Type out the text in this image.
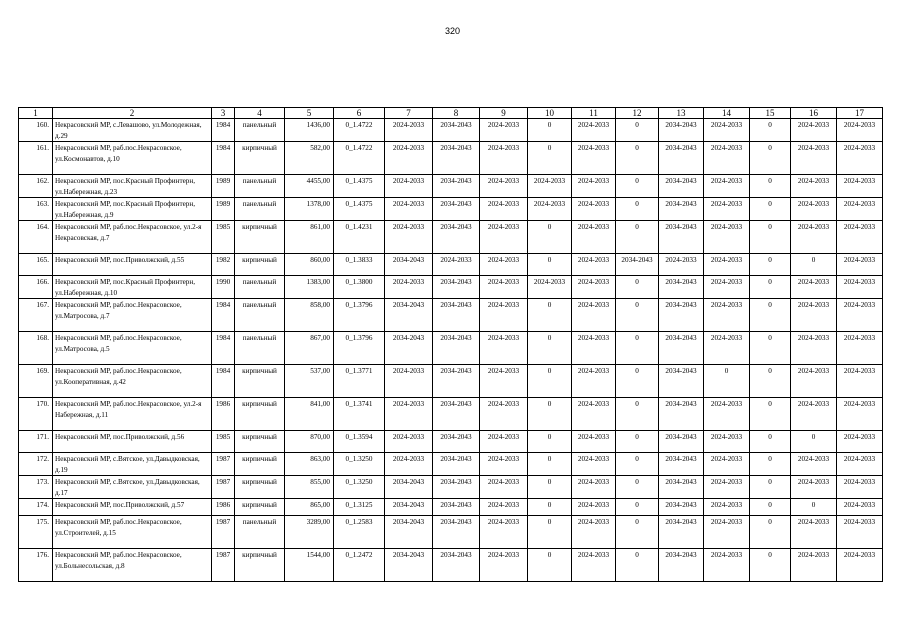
320
1	2	3	4	5	6	7	8	9	10	11	12	13	14	15	16	17
160.	Некрасовский МР, с.Левашово, ул.Молодежная, д.29	1984	панельный	1436,00	0_1.4722	2024-2033	2034-2043	2024-2033	0	2024-2033	0	2034-2043	2024-2033	0	2024-2033	2024-2033
161.	Некрасовский МР, раб.пос.Некрасовское, ул.Космонавтов, д.10	1984	кирпичный	582,00	0_1.4722	2024-2033	2034-2043	2024-2033	0	2024-2033	0	2034-2043	2024-2033	0	2024-2033	2024-2033
162.	Некрасовский МР, пос.Красный Профинтерн, ул.Набережная, д.23	1989	панельный	4455,00	0_1.4375	2024-2033	2034-2043	2024-2033	2024-2033	2024-2033	0	2034-2043	2024-2033	0	2024-2033	2024-2033
163.	Некрасовский МР, пос.Красный Профинтерн, ул.Набережная, д.9	1989	панельный	1378,00	0_1.4375	2024-2033	2034-2043	2024-2033	2024-2033	2024-2033	0	2034-2043	2024-2033	0	2024-2033	2024-2033
164.	Некрасовский МР, раб.пос.Некрасовское, ул.2-я Некрасовская, д.7	1985	кирпичный	861,00	0_1.4231	2024-2033	2034-2043	2024-2033	0	2024-2033	0	2034-2043	2024-2033	0	2024-2033	2024-2033
165.	Некрасовский МР, пос.Приволжский, д.55	1982	кирпичный	860,00	0_1.3833	2034-2043	2024-2033	2024-2033	0	2024-2033	2034-2043	2024-2033	2024-2033	0	0	2024-2033
166.	Некрасовский МР, пос.Красный Профинтерн, ул.Набережная, д.10	1990	панельный	1383,00	0_1.3800	2024-2033	2034-2043	2024-2033	2024-2033	2024-2033	0	2034-2043	2024-2033	0	2024-2033	2024-2033
167.	Некрасовский МР, раб.пос.Некрасовское, ул.Матросова, д.7	1984	панельный	858,00	0_1.3796	2034-2043	2034-2043	2024-2033	0	2024-2033	0	2034-2043	2024-2033	0	2024-2033	2024-2033
168.	Некрасовский МР, раб.пос.Некрасовское, ул.Матросова, д.5	1984	панельный	867,00	0_1.3796	2034-2043	2034-2043	2024-2033	0	2024-2033	0	2034-2043	2024-2033	0	2024-2033	2024-2033
169.	Некрасовский МР, раб.пос.Некрасовское, ул.Кооперативная, д.42	1984	кирпичный	537,00	0_1.3771	2024-2033	2034-2043	2024-2033	0	2024-2033	0	2034-2043	0	0	2024-2033	2024-2033
170.	Некрасовский МР, раб.пос.Некрасовское, ул.2-я Набережная, д.11	1986	кирпичный	841,00	0_1.3741	2024-2033	2034-2043	2024-2033	0	2024-2033	0	2034-2043	2024-2033	0	2024-2033	2024-2033
171.	Некрасовский МР, пос.Приволжский, д.56	1985	кирпичный	870,00	0_1.3594	2024-2033	2034-2043	2024-2033	0	2024-2033	0	2034-2043	2024-2033	0	0	2024-2033
172.	Некрасовский МР, с.Вятское, ул.Давыдковская, д.19	1987	кирпичный	863,00	0_1.3250	2024-2033	2034-2043	2024-2033	0	2024-2033	0	2034-2043	2024-2033	0	2024-2033	2024-2033
173.	Некрасовский МР, с.Вятское, ул.Давыдковская, д.17	1987	кирпичный	855,00	0_1.3250	2034-2043	2034-2043	2024-2033	0	2024-2033	0	2034-2043	2024-2033	0	2024-2033	2024-2033
174.	Некрасовский МР, пос.Приволжский, д.57	1986	кирпичный	865,00	0_1.3125	2034-2043	2034-2043	2024-2033	0	2024-2033	0	2034-2043	2024-2033	0	0	2024-2033
175.	Некрасовский МР, раб.пос.Некрасовское, ул.Строителей, д.15	1987	панельный	3289,00	0_1.2583	2034-2043	2034-2043	2024-2033	0	2024-2033	0	2034-2043	2024-2033	0	2024-2033	2024-2033
176.	Некрасовский МР, раб.пос.Некрасовское, ул.Больнесольская, д.8	1987	кирпичный	1544,00	0_1.2472	2034-2043	2034-2043	2024-2033	0	2024-2033	0	2034-2043	2024-2033	0	2024-2033	2024-2033
